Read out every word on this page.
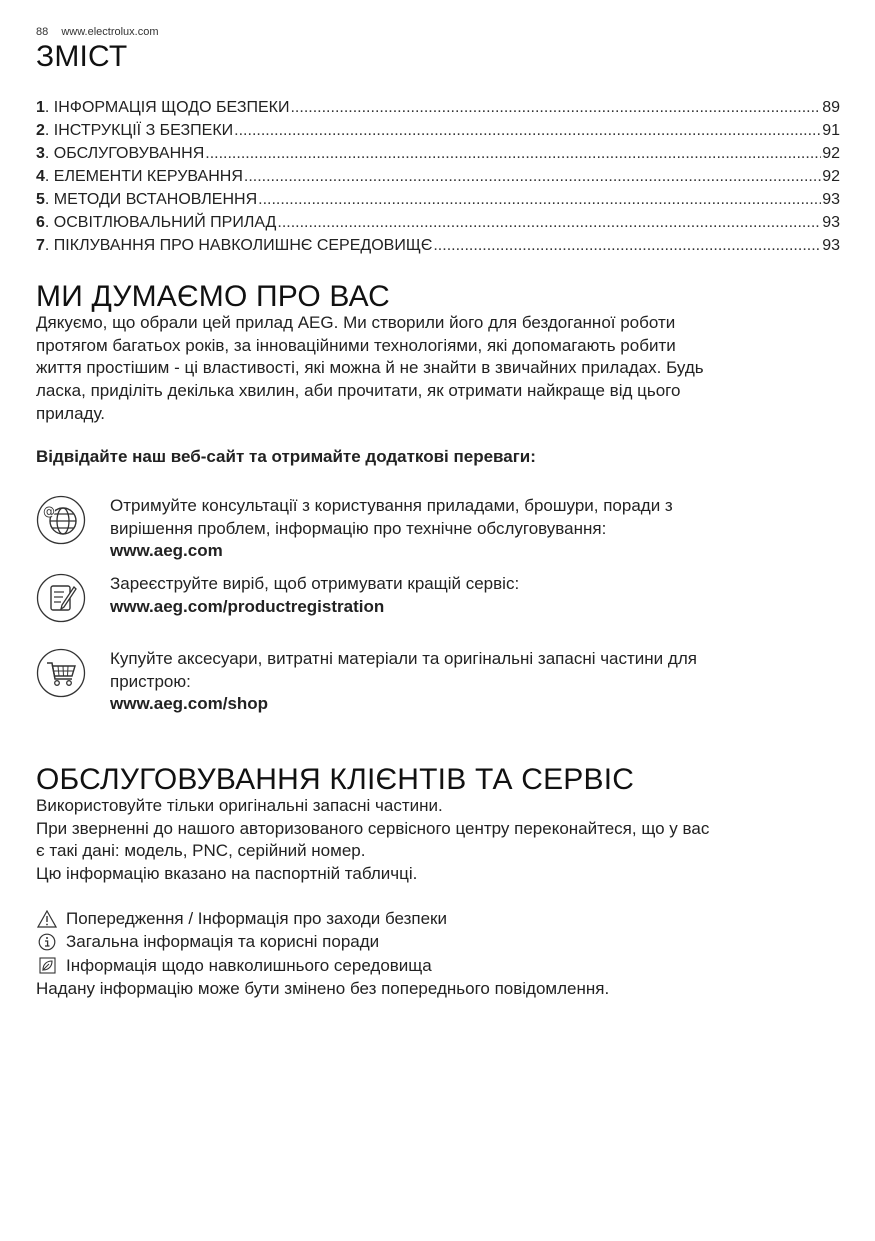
88 www.electrolux.com
ЗМІСТ
1 . ІНФОРМАЦІЯ ЩОДО БЕЗПЕКИ .....	89
2 . ІНСТРУКЦІЇ З БЕЗПЕКИ .....	91
3 . ОБСЛУГОВУВАННЯ .....	92
4 . ЕЛЕМЕНТИ КЕРУВАННЯ .....	92
5 . МЕТОДИ ВСТАНОВЛЕННЯ .....	93
6 . ОСВІТЛЮВАЛЬНИЙ ПРИЛАД .....	93
7 . ПІКЛУВАННЯ ПРО НАВКОЛИШНЄ СЕРЕДОВИЩЄ .....	93
МИ ДУМАЄМО ПРО ВАС
Дякуємо, що обрали цей прилад AEG. Ми створили його для бездоганної роботи
протягом багатьох років, за інноваційними технологіями, які допомагають робити
життя простішим - ці властивості, які можна й не знайти в звичайних приладах. Будь
ласка, приділіть декілька хвилин, аби прочитати, як отримати найкраще від цього
приладу.
Відвідайте наш веб-сайт та отримайте додаткові переваги:
@	Отримуйте консультації з користування приладами, брошури, поради з
вирішення проблем, інформацію про технічне обслуговування:
www.aeg.com
Зареєструйте виріб, щоб отримувати кращій сервіс:
www.aeg.com/productregistration
Купуйте аксесуари, витратні матеріали та оригінальні запасні частини для
пристрою:
www.aeg.com/shop
ОБСЛУГОВУВАННЯ КЛІЄНТІВ ТА СЕРВІС
Використовуйте тільки оригінальні запасні частини.
При зверненні до нашого авторизованого сервісного центру переконайтеся, що у вас
є такі дані: модель, PNC, серійний номер.
Цю інформацію вказано на паспортній табличці.
Попередження / Інформація про заходи безпеки
Загальна інформація та корисні поради
Інформація щодо навколишнього середовища
Надану інформацію може бути змінено без попереднього повідомлення.
